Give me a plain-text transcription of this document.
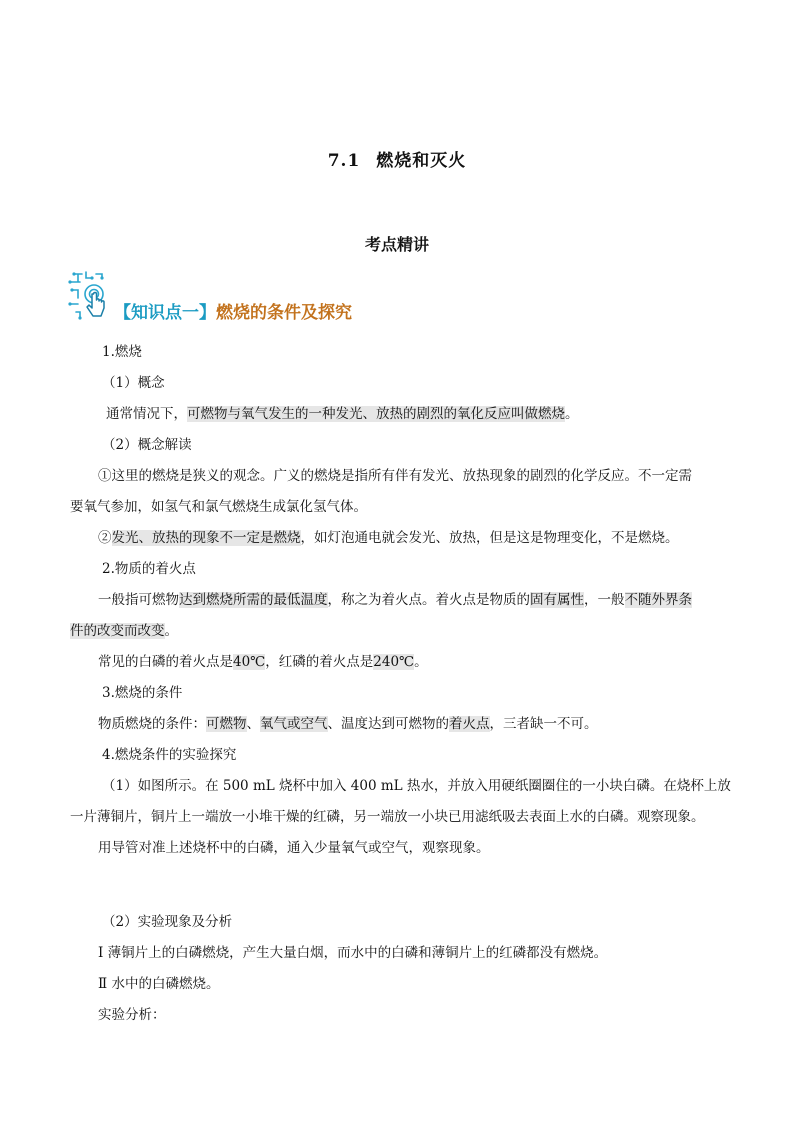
7.1 燃烧和灭火
考点精讲
【知识点一】燃烧的条件及探究
1.燃烧
（1）概念
通常情况下，可燃物与氧气发生的一种发光、放热的剧烈的氧化反应叫做燃烧。
（2）概念解读
①这里的燃烧是狭义的观念。广义的燃烧是指所有伴有发光、放热现象的剧烈的化学反应。不一定需
要氧气参加，如氢气和氯气燃烧生成氯化氢气体。
②发光、放热的现象不一定是燃烧，如灯泡通电就会发光、放热，但是这是物理变化，不是燃烧。
2.物质的着火点
一般指可燃物达到燃烧所需的最低温度，称之为着火点。着火点是物质的固有属性，一般不随外界条
件的改变而改变。
常见的白磷的着火点是40℃，红磷的着火点是240℃。
3.燃烧的条件
物质燃烧的条件：可燃物、氧气或空气、温度达到可燃物的着火点，三者缺一不可。
4.燃烧条件的实验探究
（1）如图所示。在 500 mL 烧杯中加入 400 mL 热水，并放入用硬纸圈圈住的一小块白磷。在烧杯上放
一片薄铜片，铜片上一端放一小堆干燥的红磷，另一端放一小块已用滤纸吸去表面上水的白磷。观察现象。
用导管对准上述烧杯中的白磷，通入少量氧气或空气，观察现象。
（2）实验现象及分析
Ⅰ 薄铜片上的白磷燃烧，产生大量白烟，而水中的白磷和薄铜片上的红磷都没有燃烧。
Ⅱ 水中的白磷燃烧。
实验分析：
